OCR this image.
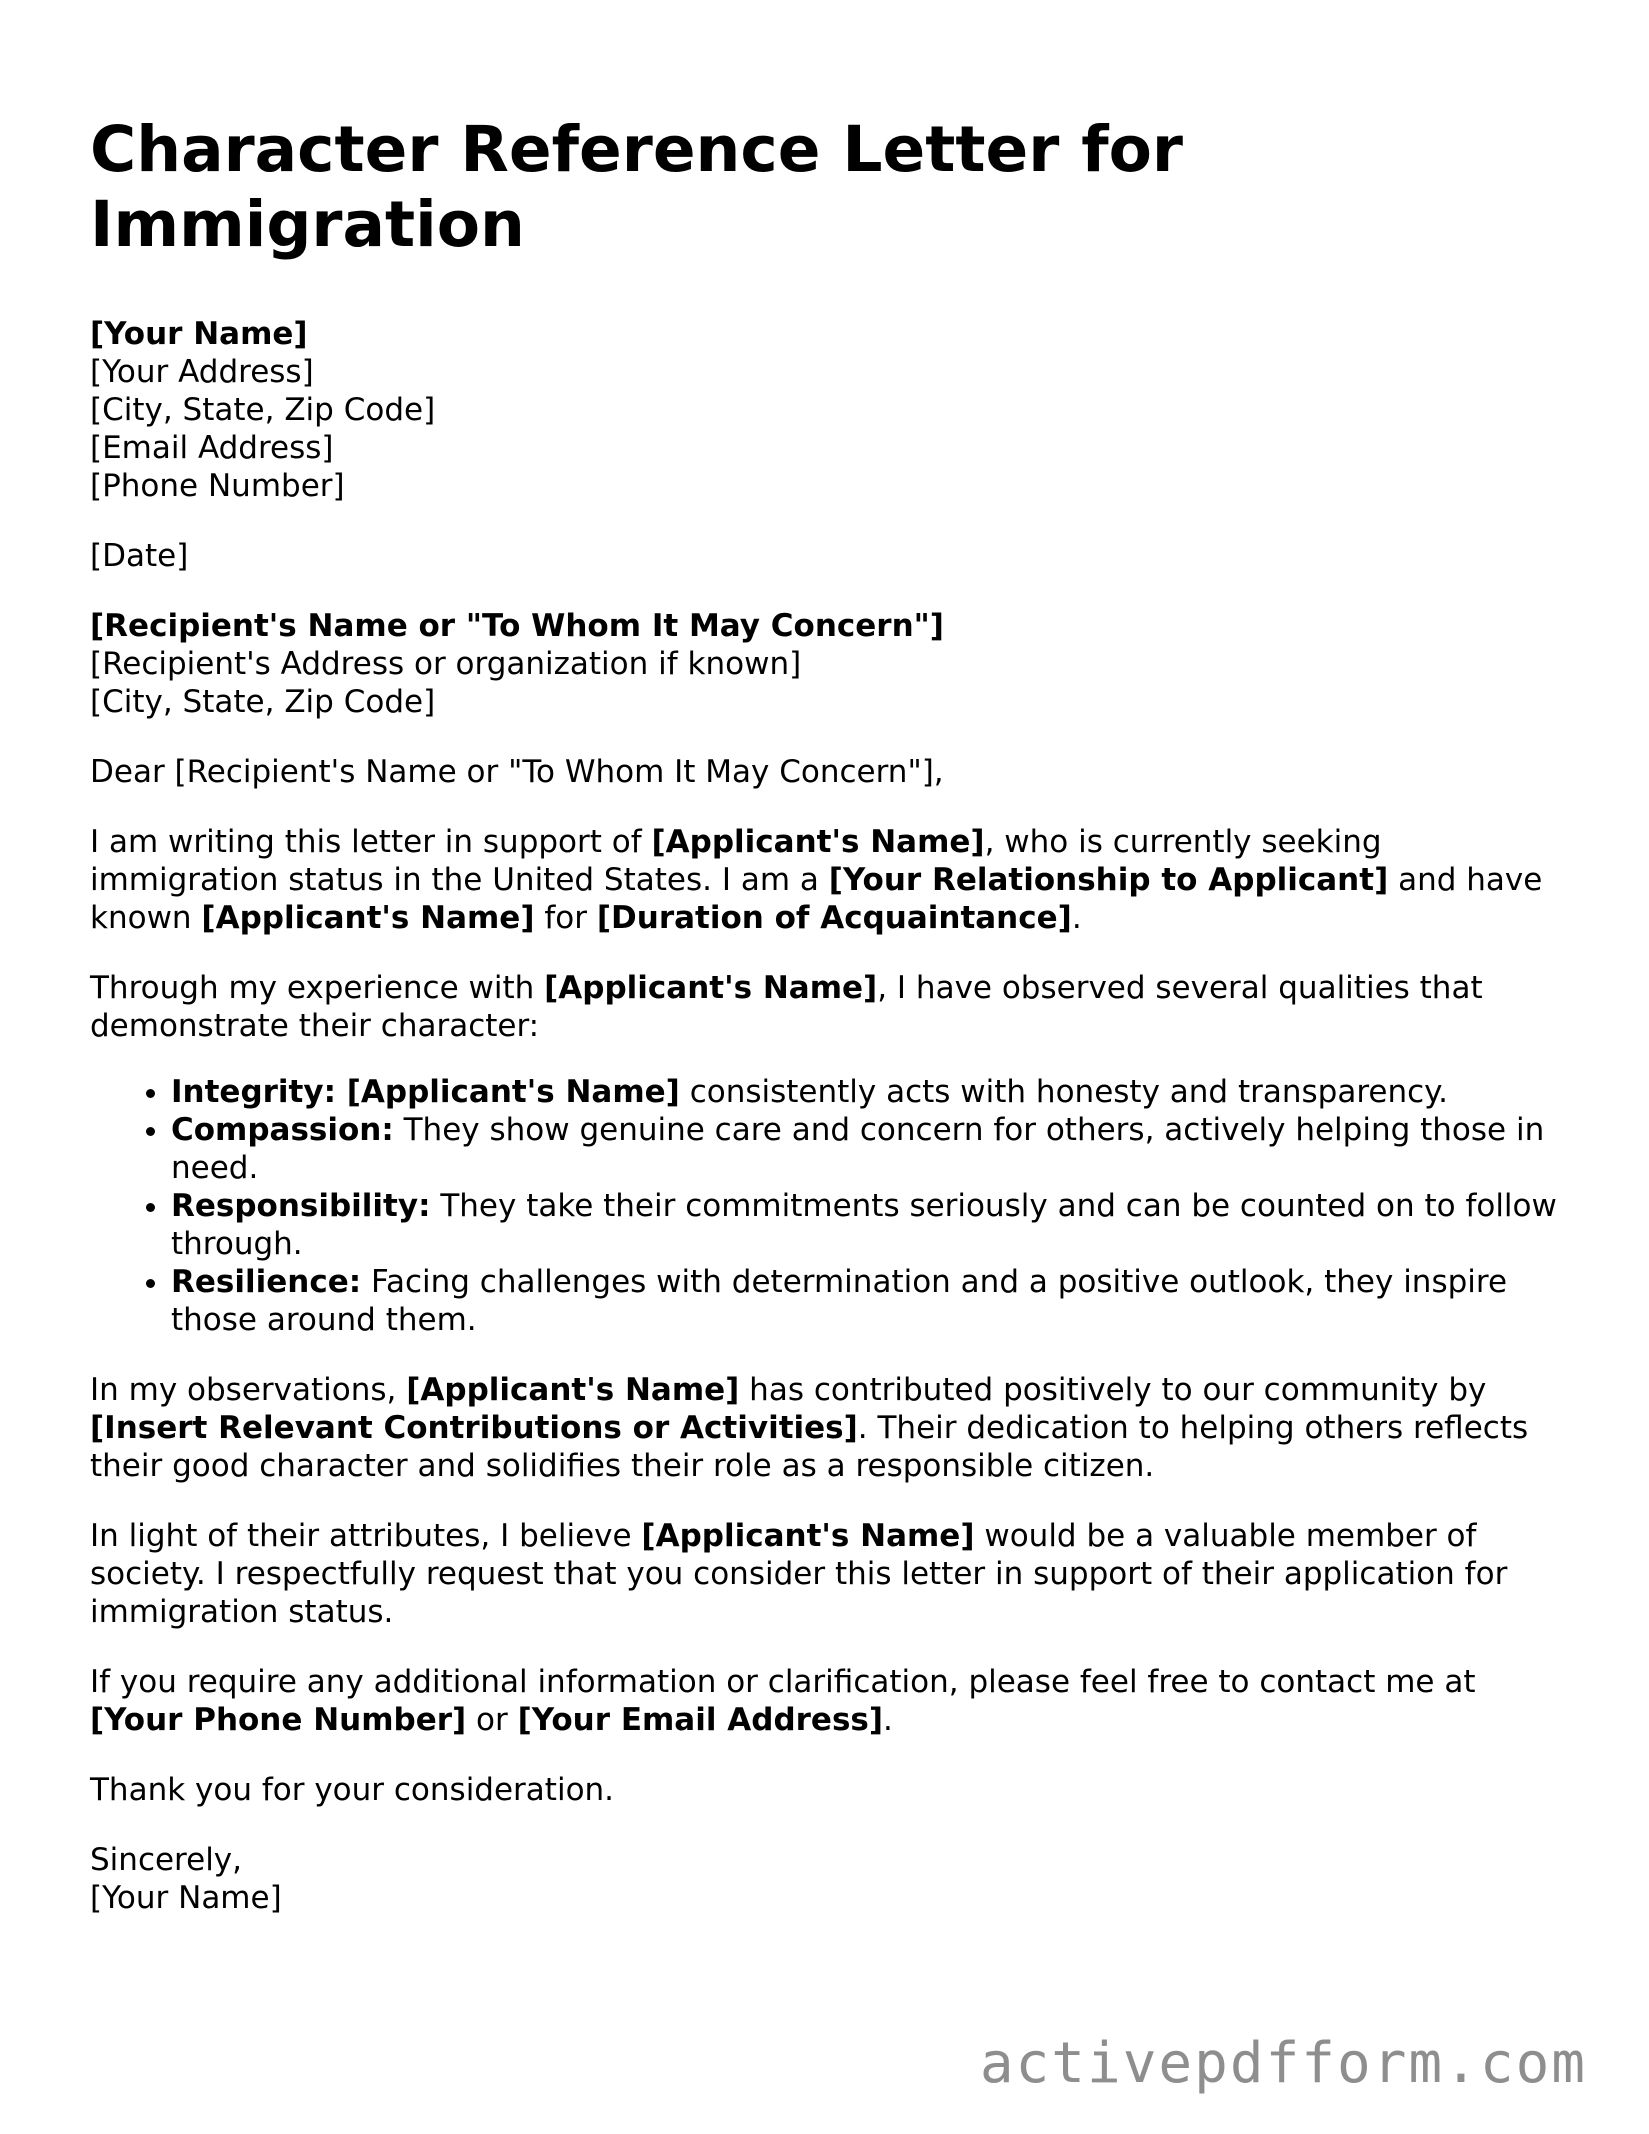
Character Reference Letter for Immigration
[Your Name]
[Your Address]
[City, State, Zip Code]
[Email Address]
[Phone Number]
[Date]
[Recipient's Name or "To Whom It May Concern"]
[Recipient's Address or organization if known]
[City, State, Zip Code]

Dear [Recipient's Name or "To Whom It May Concern"],

I am writing this letter in support of [Applicant's Name], who is currently seeking immigration status in the United States. I am a [Your Relationship to Applicant] and have known [Applicant's Name] for [Duration of Acquaintance].

Through my experience with [Applicant's Name], I have observed several qualities that demonstrate their character:

• Integrity: [Applicant's Name] consistently acts with honesty and transparency.
• Compassion: They show genuine care and concern for others, actively helping those in need.
• Responsibility: They take their commitments seriously and can be counted on to follow through.
• Resilience: Facing challenges with determination and a positive outlook, they inspire those around them.

In my observations, [Applicant's Name] has contributed positively to our community by [Insert Relevant Contributions or Activities]. Their dedication to helping others reflects their good character and solidifies their role as a responsible citizen.

In light of their attributes, I believe [Applicant's Name] would be a valuable member of society. I respectfully request that you consider this letter in support of their application for immigration status.

If you require any additional information or clarification, please feel free to contact me at [Your Phone Number] or [Your Email Address].

Thank you for your consideration.

Sincerely,
[Your Name]
activepdfform.com
